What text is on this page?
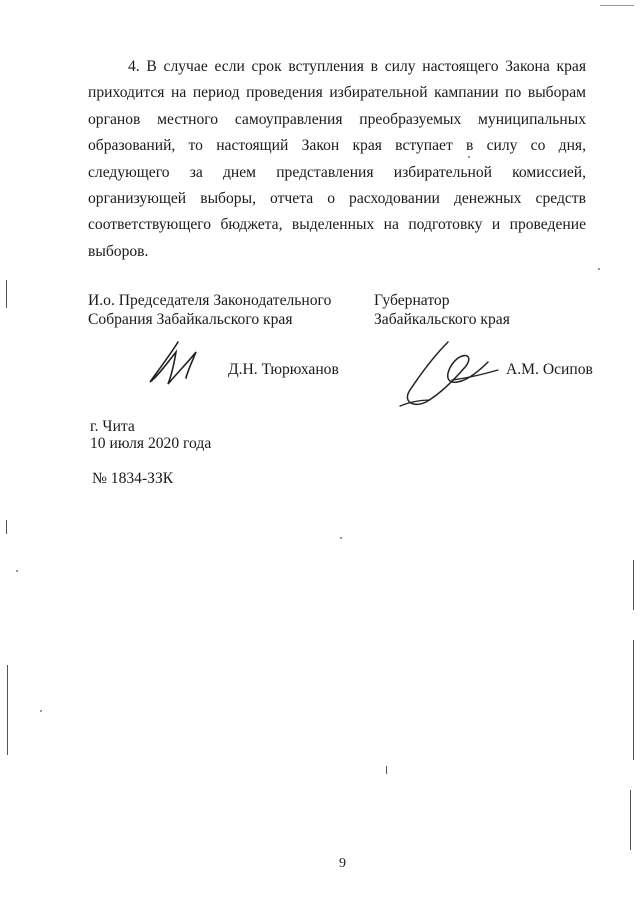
4. В случае если срок вступления в силу настоящего Закона края приходится на период проведения избирательной кампании по выборам органов местного самоуправления преобразуемых муниципальных образований, то настоящий Закон края вступает в силу со дня, следующего за днем представления избирательной комиссией, организующей выборы, отчета о расходовании денежных средств соответствующего бюджета, выделенных на подготовку и проведение выборов.

И.о. Председателя Законодательного
Собрания Забайкальского края
Д.Н. Тюрюханов
Губернатор
Забайкальского края
А.М. Осипов
г. Чита
10 июля 2020 года
№ 1834-ЗЗК
9
